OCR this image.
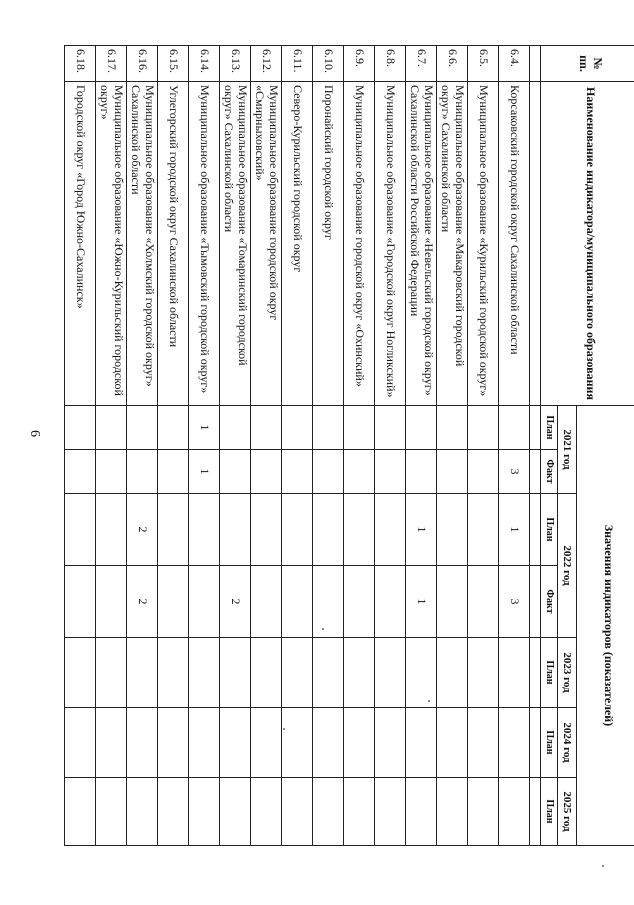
6
№ пп.	Наименование индикатора/муниципального образования	Значения индикаторов (показателей)						
		2021 год		2022 год		2023 год	2024 год	2025 год
		План	Факт	План	Факт	План	План	План

6.4.	Корсаковский городской округ Сахалинской области		3	1	3			
6.5.	Муниципальное образование «Курильский городской округ»							
6.6.	Муниципальное образование «Макаровский городской округ» Сахалинской области							
6.7.	Муниципальное образование «Невельский городской округ» Сахалинской области Российской Федерации			1	1			
6.8.	Муниципальное образование «Городской округ Ногликский»							
6.9.	Муниципальное образование городской округ «Охинский»							
6.10.	Поронайский городской округ							
6.11.	Северо-Курильский городской округ							
6.12.	Муниципальное образование городской округ «Смирныховский»							
6.13.	Муниципальное образование «Томаринский городской округ» Сахалинской области				2			
6.14.	Муниципальное образование «Тымовский городской округ»	1	1					
6.15.	Углегорский городской округ Сахалинской области							
6.16.	Муниципальное образование «Холмский городской округ» Сахалинской области			2	2			
6.17.	Муниципальное образование «Южно-Курильский городской округ»							
6.18.	Городской округ «Город Южно-Сахалинск»							
